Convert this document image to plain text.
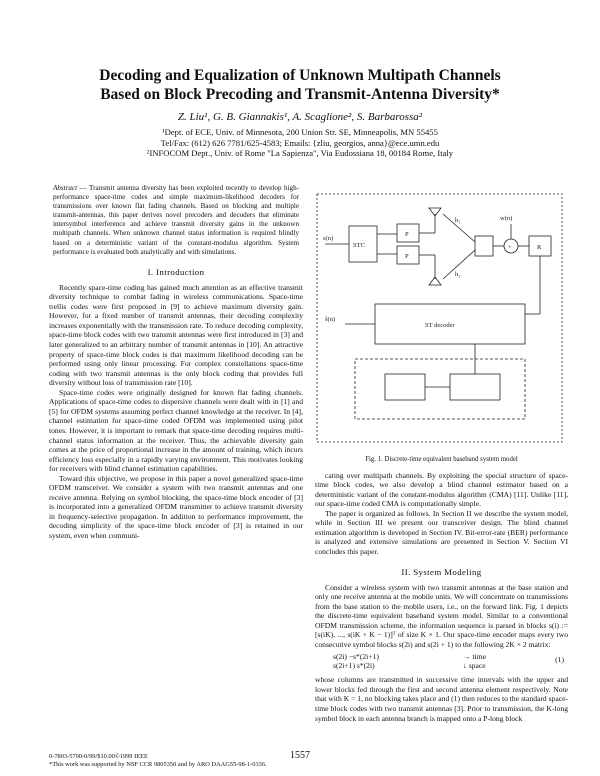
Decoding and Equalization of Unknown Multipath Channels
Based on Block Precoding and Transmit-Antenna Diversity*
Z. Liu¹, G. B. Giannakis¹, A. Scaglione², S. Barbarossa²
¹Dept. of ECE, Univ. of Minnesota, 200 Union Str. SE, Minneapolis, MN 55455
Tel/Fax: (612) 626 7781/625-4583; Emails: {zliu, georgios, anna}@ece.umn.edu
²INFOCOM Dept., Univ. of Rome "La Sapienza", Via Eudossiana 18, 00184 Rome, Italy
Abstract — Transmit antenna diversity has been exploited recently to develop high-performance space-time codes and simple maximum-likelihood decoders for transmissions over known flat fading channels. Based on blocking and multiple transmit-antennas, this paper derives novel precoders and decoders that eliminate intersymbol interference and achieve transmit diversity gains in the unknown multipath channels. When unknown channel status information is required blindly based on a deterministic variant of the constant-modulus algorithm. System performance is evaluated both analytically and with simulations.
I. Introduction

Recently space-time coding has gained much attention as an effective transmit diversity technique to combat fading in wireless communications. Space-time trellis codes were first proposed in [9] to achieve maximum diversity gain. However, for a fixed number of transmit antennas, their decoding complexity increases exponentially with the transmission rate. To reduce decoding complexity, space-time block codes with two transmit antennas were first introduced in [3] and later generalized to an arbitrary number of transmit antennas in [10]. An attractive property of space-time block codes is that maximum likelihood decoding can be performed using only linear processing. For complex constellations space-time coding with two transmit antennas is the only block coding that provides full diversity without loss of transmission rate [10].

Space-time codes were originally designed for known flat fading channels. Applications of space-time codes to dispersive channels were dealt with in [1] and [5] for OFDM systems assuming perfect channel knowledge at the receiver. In [4], channel estimation for space-time coded OFDM was implemented using pilot tones. However, it is important to remark that space-time decoding requires multi-channel status information at the receiver. Thus, the achievable diversity gain comes at the price of proportional increase in the amount of training, which incurs efficiency loss especially in a rapidly varying environment. This motivates looking for receivers with blind channel estimation capabilities.

Toward this objective, we propose in this paper a novel generalized space-time OFDM transceiver. We consider a system with two transmit antennas and one receive antenna. Relying on symbol blocking, the space-time block encoder of [3] is incorporated into a generalized OFDM transmitter to achieve transmit diversity in frequency-selective propagation. In addition to performance improvement, the decoding simplicity of the space-time block encoder of [3] is retained in our system, even when communi-

s(n)
STC
P
P
h₁
h₂
+
w(n)
R
ST decoder
ŝ(n)
Fig. 1. Discrete-time equivalent baseband system model

cating over multipath channels. By exploiting the special structure of space-time block codes, we also develop a blind channel estimator based on a deterministic variant of the constant-modulus algorithm (CMA) [11]. Unlike [11], our space-time coded CMA is computationally simple.

The paper is organized as follows. In Section II we describe the system model, while in Section III we present our transceiver design. The blind channel estimation algorithm is developed in Section IV. Bit-error-rate (BER) performance is analyzed and extensive simulations are presented in Section V. Section VI concludes this paper.

II. System Modeling

Consider a wireless system with two transmit antennas at the base station and only one receive antenna at the mobile units. We will concentrate on transmissions from the base station to the mobile users, i.e., on the forward link. Fig. 1 depicts the discrete-time equivalent baseband system model. Similar to a conventional OFDM transmission scheme, the information sequence is parsed in blocks s(i) := [s(iK), ..., s(iK + K − 1)]ᵀ of size K × 1. Our space-time encoder maps every two consecutive symbol blocks s(2i) and s(2i + 1) to the following 2K × 2 matrix:

s(2i) −s*(2i+1)
s(2i+1) s*(2i)
→ time
↓ space
(1)

whose columns are transmitted in successive time intervals with the upper and lower blocks fed through the first and second antenna element respectively. Note that with K = 1, no blocking takes place and (1) then reduces to the standard space-time block codes with two transmit antennas [3]. Prior to transmission, the K-long symbol block in each antenna branch is mapped onto a P-long block

0-7803-5700-0/99/$10.00©1999 IEEE
*This work was supported by NSF CCR 9805350 and by ARO DAAG55-98-1-0336.
1557
